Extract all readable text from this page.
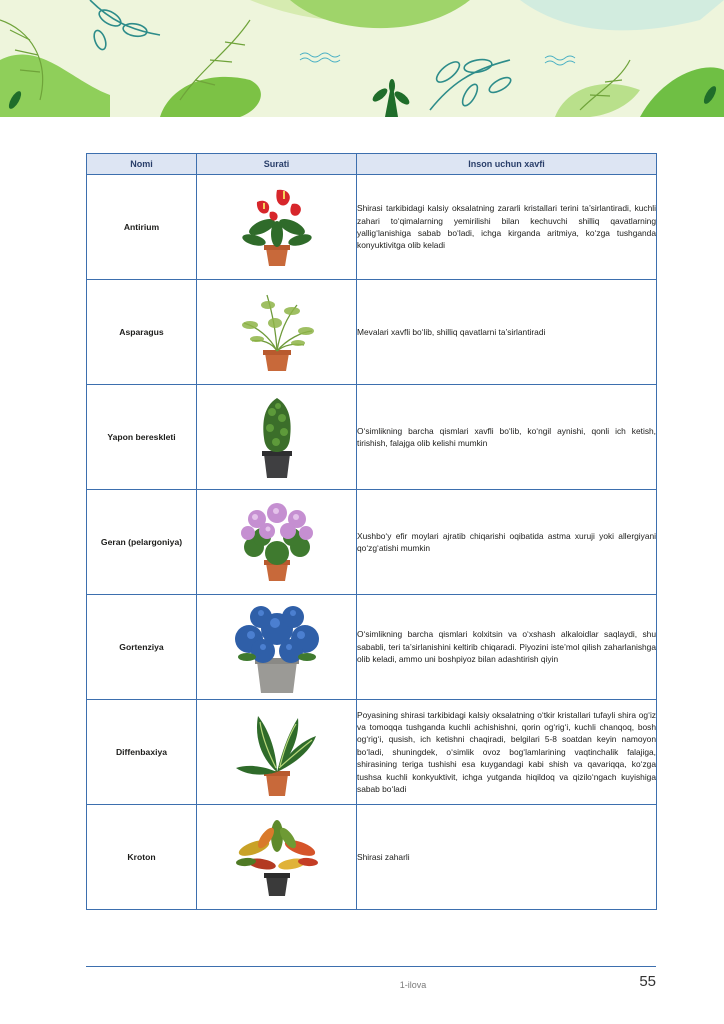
Nomi	Surati	Inson uchun xavfi
Antirium		Shirasi tarkibidagi kalsiy oksalatning zararli kristallari terini ta’sirlantiradi, kuchli zahari to‘qimalarning yemirilishi bilan kechuvchi shilliq qavatlarning yallig‘lanishiga sabab bo‘ladi, ichga kirganda aritmiya, ko‘zga tushganda konyuktivitga olib keladi
Asparagus		Mevalari xavfli bo‘lib, shilliq qavatlarni ta’sirlantiradi
Yapon bereskleti		O‘simlikning barcha qismlari xavfli bo‘lib, ko‘ngil aynishi, qonli ich ketish, tirishish, falajga olib kelishi mumkin
Geran (pelargoniya)		Xushbo‘y efir moylari ajratib chiqarishi oqibatida astma xuruji yoki allergiyani qo‘zg‘atishi mumkin
Gortenziya		O‘simlikning barcha qismlari kolxitsin va o‘xshash alkaloidlar saqlaydi, shu sababli, teri ta’sirlanishini keltirib chiqaradi. Piyozini iste’mol qilish zaharlanishga olib keladi, ammo uni boshpiyoz bilan adashtirish qiyin
Diffenbaxiya		Poyasining shirasi tarkibidagi kalsiy oksalatning o‘tkir kristallari tufayli shira og‘iz va tomoqqa tushganda kuchli achishishni, qorin og‘rig‘i, kuchli chanqoq, bosh og‘rig‘i, qusish, ich ketishni chaqiradi, belgilari 5-8 soatdan keyin namoyon bo‘ladi, shuningdek, o‘simlik ovoz bog‘lamlarining vaqtinchalik falajiga, shirasining teriga tushishi esa kuygandagi kabi shish va qavariqqa, ko‘zga tushsa kuchli konkyuktivit, ichga yutganda hiqildoq va qizilo‘ngach kuyishiga sabab bo‘ladi
Kroton		Shirasi zaharli
1-ilova	55
